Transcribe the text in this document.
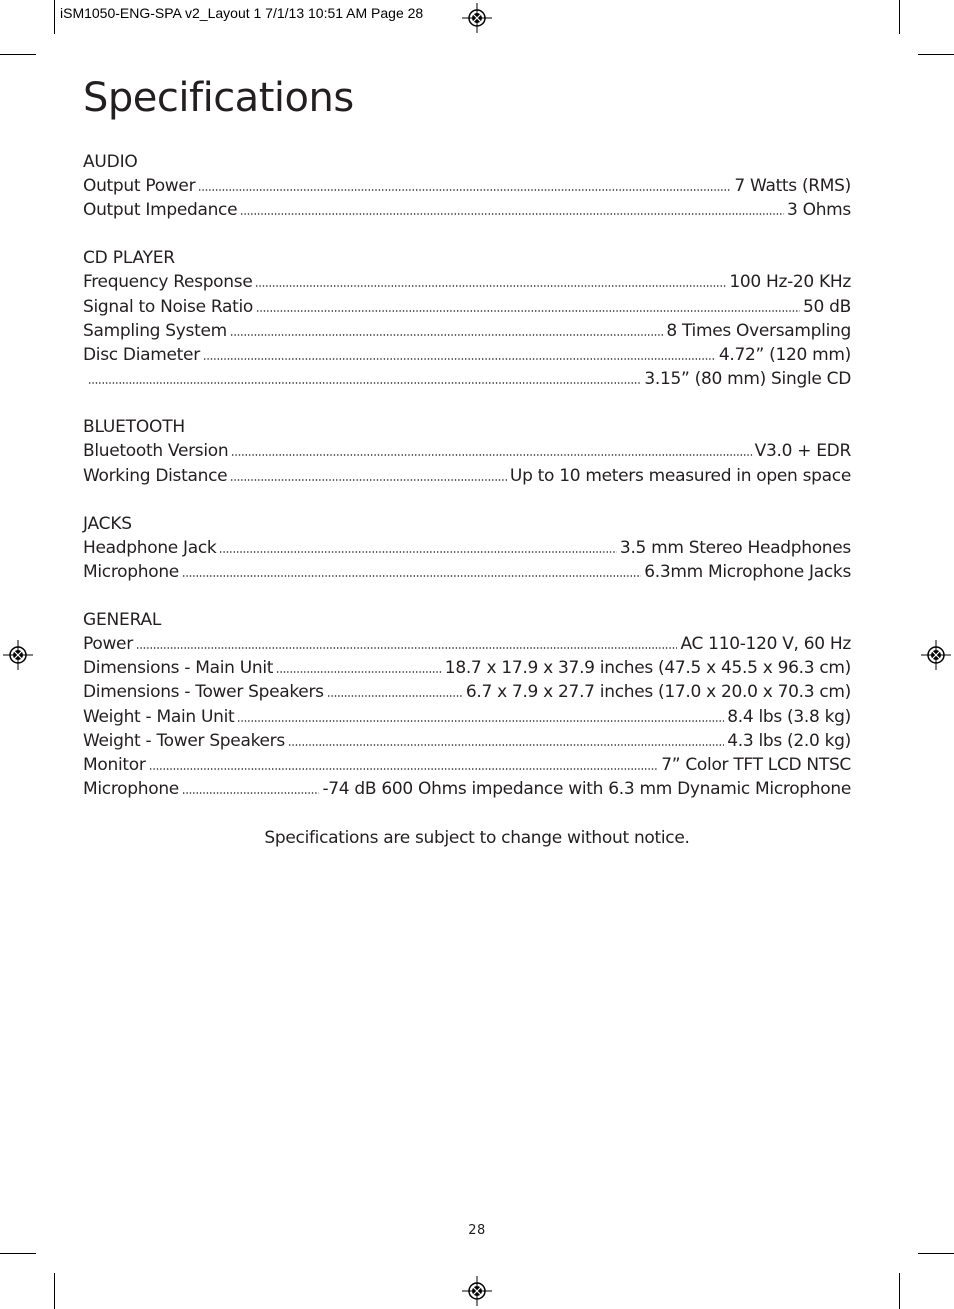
iSM1050-ENG-SPA v2_Layout 1 7/1/13 10:51 AM Page 28
Specifications
AUDIO
Output Power	7 Watts (RMS)
Output Impedance	3 Ohms
CD PLAYER
Frequency Response	100 Hz-20 KHz
Signal to Noise Ratio	50 dB
Sampling System	8 Times Oversampling
Disc Diameter	4.72” (120 mm)
3.15” (80 mm) Single CD
BLUETOOTH
Bluetooth Version	V3.0 + EDR
Working Distance	Up to 10 meters measured in open space
JACKS
Headphone Jack	3.5 mm Stereo Headphones
Microphone	6.3mm Microphone Jacks
GENERAL
Power	AC 110-120 V, 60 Hz
Dimensions - Main Unit	18.7 x 17.9 x 37.9 inches (47.5 x 45.5 x 96.3 cm)
Dimensions - Tower Speakers	6.7 x 7.9 x 27.7 inches (17.0 x 20.0 x 70.3 cm)
Weight - Main Unit	8.4 lbs (3.8 kg)
Weight - Tower Speakers	4.3 lbs (2.0 kg)
Monitor	7” Color TFT LCD NTSC
Microphone	-74 dB 600 Ohms impedance with 6.3 mm Dynamic Microphone
Specifications are subject to change without notice.
28
